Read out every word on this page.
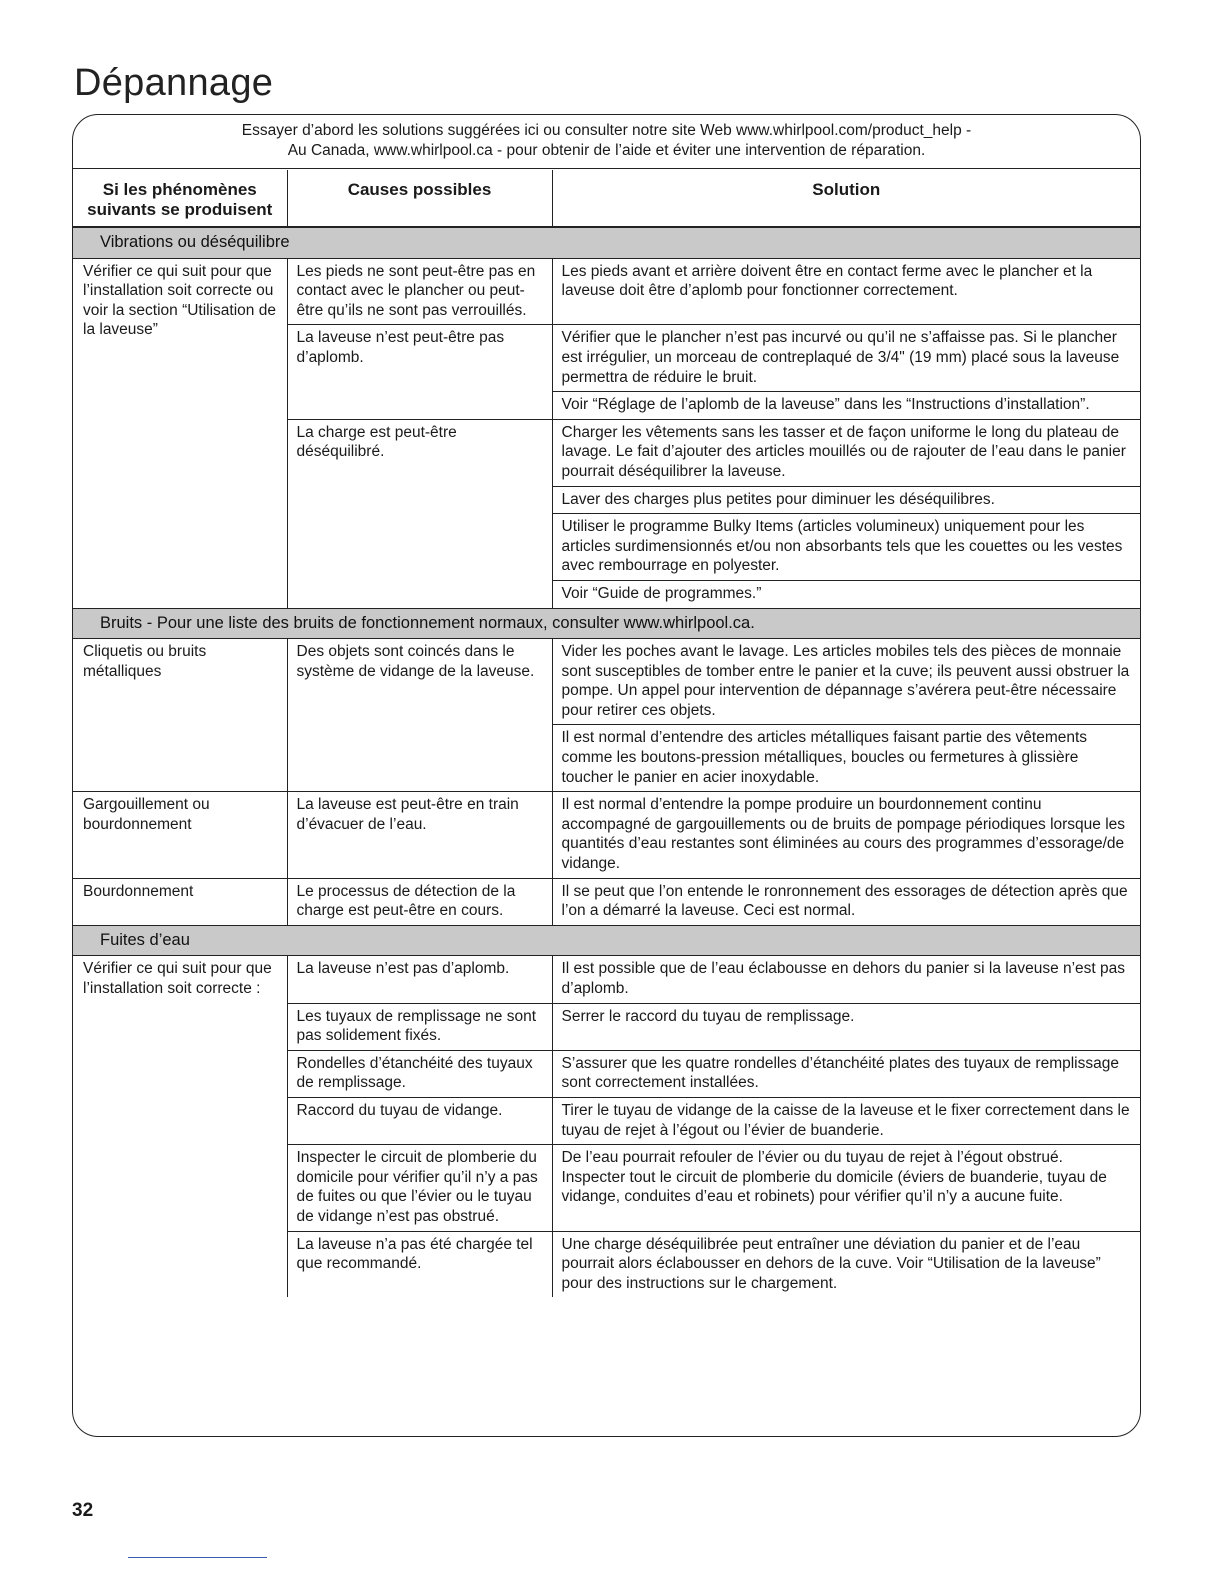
Dépannage
Essayer d’abord les solutions suggérées ici ou consulter notre site Web www.whirlpool.com/product_help -
Au Canada, www.whirlpool.ca - pour obtenir de l’aide et éviter une intervention de réparation.
Si les phénomènes suivants se produisent	Causes possibles	Solution
Vibrations ou déséquilibre		
Vérifier ce qui suit pour que l’installation soit correcte ou voir la section “Utilisation de la laveuse”	Les pieds ne sont peut-être pas en contact avec le plancher ou peut-être qu’ils ne sont pas verrouillés.	Les pieds avant et arrière doivent être en contact ferme avec le plancher et la laveuse doit être d’aplomb pour fonctionner correctement.
	La laveuse n’est peut-être pas d’aplomb.	Vérifier que le plancher n’est pas incurvé ou qu’il ne s’affaisse pas. Si le plancher est irrégulier, un morceau de contreplaqué de 3/4" (19 mm) placé sous la laveuse permettra de réduire le bruit.
		Voir “Réglage de l’aplomb de la laveuse” dans les “Instructions d’installation”.
	La charge est peut-être déséquilibré.	Charger les vêtements sans les tasser et de façon uniforme le long du plateau de lavage. Le fait d’ajouter des articles mouillés ou de rajouter de l’eau dans le panier pourrait déséquilibrer la laveuse.
		Laver des charges plus petites pour diminuer les déséquilibres.
		Utiliser le programme Bulky Items (articles volumineux) uniquement pour les articles surdimensionnés et/ou non absorbants tels que les couettes ou les vestes avec rembourrage en polyester.
		Voir “Guide de programmes.”
Bruits - Pour une liste des bruits de fonctionnement normaux, consulter www.whirlpool.ca.		
Cliquetis ou bruits métalliques	Des objets sont coincés dans le système de vidange de la laveuse.	Vider les poches avant le lavage. Les articles mobiles tels des pièces de monnaie sont susceptibles de tomber entre le panier et la cuve; ils peuvent aussi obstruer la pompe. Un appel pour intervention de dépannage s’avérera peut-être nécessaire pour retirer ces objets.
		Il est normal d’entendre des articles métalliques faisant partie des vêtements comme les boutons-pression métalliques, boucles ou fermetures à glissière toucher le panier en acier inoxydable.
Gargouillement ou bourdonnement	La laveuse est peut-être en train d’évacuer de l’eau.	Il est normal d’entendre la pompe produire un bourdonnement continu accompagné de gargouillements ou de bruits de pompage périodiques lorsque les quantités d’eau restantes sont éliminées au cours des programmes d’essorage/de vidange.
Bourdonnement	Le processus de détection de la charge est peut-être en cours.	Il se peut que l’on entende le ronronnement des essorages de détection après que l’on a démarré la laveuse. Ceci est normal.
Fuites d’eau		
Vérifier ce qui suit pour que l’installation soit correcte :	La laveuse n’est pas d’aplomb.	Il est possible que de l’eau éclabousse en dehors du panier si la laveuse n’est pas d’aplomb.
	Les tuyaux de remplissage ne sont pas solidement fixés.	Serrer le raccord du tuyau de remplissage.
	Rondelles d’étanchéité des tuyaux de remplissage.	S’assurer que les quatre rondelles d’étanchéité plates des tuyaux de remplissage sont correctement installées.
	Raccord du tuyau de vidange.	Tirer le tuyau de vidange de la caisse de la laveuse et le fixer correctement dans le tuyau de rejet à l’égout ou l’évier de buanderie.
	Inspecter le circuit de plomberie du domicile pour vérifier qu’il n’y a pas de fuites ou que l’évier ou le tuyau de vidange n’est pas obstrué.	De l’eau pourrait refouler de l’évier ou du tuyau de rejet à l’égout obstrué. Inspecter tout le circuit de plomberie du domicile (éviers de buanderie, tuyau de vidange, conduites d’eau et robinets) pour vérifier qu’il n’y a aucune fuite.
	La laveuse n’a pas été chargée tel que recommandé.	Une charge déséquilibrée peut entraîner une déviation du panier et de l’eau pourrait alors éclabousser en dehors de la cuve. Voir “Utilisation de la laveuse” pour des instructions sur le chargement.
32
